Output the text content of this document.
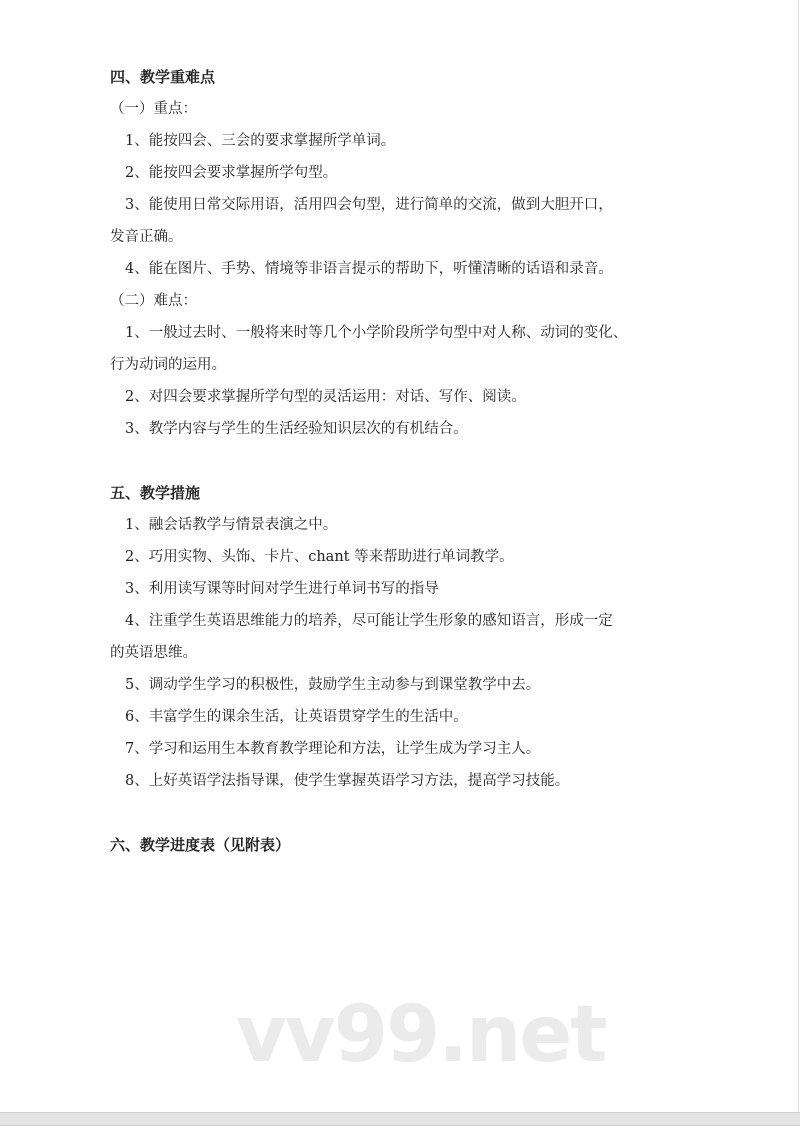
四、教学重难点
（一）重点：
1、能按四会、三会的要求掌握所学单词。
2、能按四会要求掌握所学句型。
3、能使用日常交际用语，活用四会句型，进行简单的交流，做到大胆开口，
发音正确。
4、能在图片、手势、情境等非语言提示的帮助下，听懂清晰的话语和录音。
（二）难点：
1、一般过去时、一般将来时等几个小学阶段所学句型中对人称、动词的变化、
行为动词的运用。
2、对四会要求掌握所学句型的灵活运用：对话、写作、阅读。
3、教学内容与学生的生活经验知识层次的有机结合。
五、教学措施
1、融会话教学与情景表演之中。
2、巧用实物、头饰、卡片、chant 等来帮助进行单词教学。
3、利用读写课等时间对学生进行单词书写的指导
4、注重学生英语思维能力的培养，尽可能让学生形象的感知语言，形成一定
的英语思维。
5、调动学生学习的积极性，鼓励学生主动参与到课堂教学中去。
6、丰富学生的课余生活，让英语贯穿学生的生活中。
7、学习和运用生本教育教学理论和方法，让学生成为学习主人。
8、上好英语学法指导课，使学生掌握英语学习方法，提高学习技能。
六、教学进度表（见附表）
vv99.net
